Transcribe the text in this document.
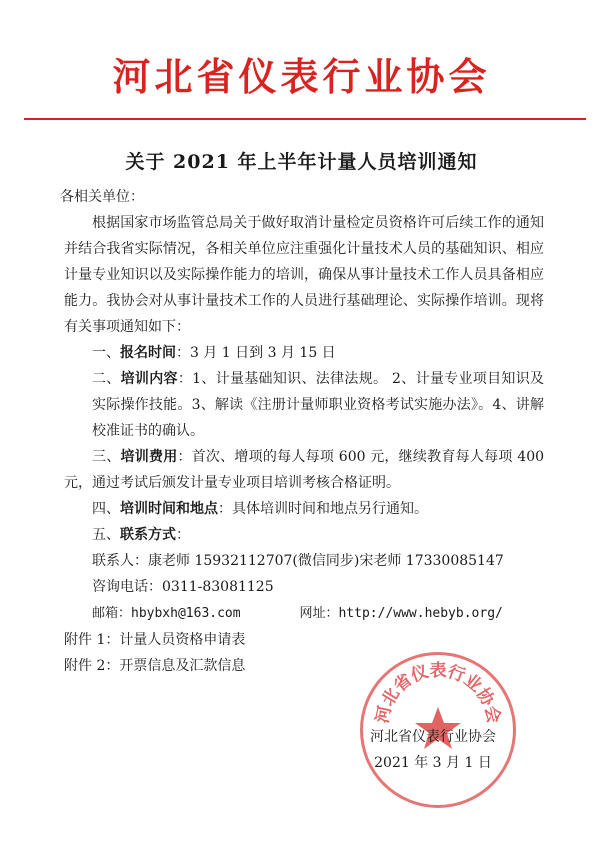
河北省仪表行业协会
关于 2021 年上半年计量人员培训通知

各相关单位：

根据国家市场监管总局关于做好取消计量检定员资格许可后续工作的通知并结合我省实际情况，各相关单位应注重强化计量技术人员的基础知识、相应计量专业知识以及实际操作能力的培训，确保从事计量技术工作人员具备相应能力。我协会对从事计量技术工作的人员进行基础理论、实际操作培训。现将有关事项通知如下：

一、报名时间：3 月 1 日到 3 月 15 日

二、培训内容：1、计量基础知识、法律法规。 2、计量专业项目知识及实际操作技能。3、解读《注册计量师职业资格考试实施办法》。4、讲解校准证书的确认。

三、培训费用：首次、增项的每人每项 600 元，继续教育每人每项 400 元，通过考试后颁发计量专业项目培训考核合格证明。

四、培训时间和地点：具体培训时间和地点另行通知。

五、联系方式：

联系人：康老师 15932112707(微信同步)宋老师 17330085147

咨询电话：0311-83081125

邮箱：hbybxh@163.com	网址：http://www.hebyb.org/

附件 1：计量人员资格申请表

附件 2：开票信息及汇款信息

河北省仪表行业协会
河北省仪表行业协会
2021 年 3 月 1 日
